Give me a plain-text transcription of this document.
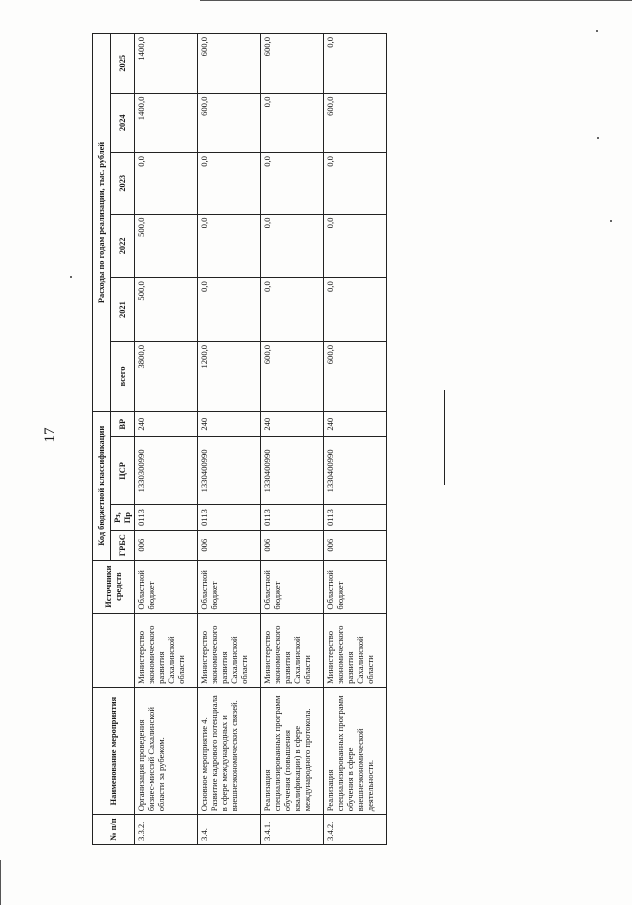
17
№ п/п	Наименование мероприятия		Источники средств	Код бюджетной классификации				Расходы по годам реализации, тыс. рублей					
				ГРБС	Рз, Пр	ЦСР	ВР	всего	2021	2022	2023	2024	2025
3.3.2.	Организация проведения бизнес-миссий Сахалинской области за рубежом.	Министерство экономического развития Сахалинской области	Областной бюджет	006	0113	1330300990	240	3800,0	500,0	500,0	0,0	1400,0	1400,0
3.4.	Основное мероприятие 4. Развитие кадрового потенциала в сфере международных и внешнеэкономических связей.	Министерство экономического развития Сахалинской области	Областной бюджет	006	0113	1330400990	240	1200,0	0,0	0,0	0,0	600,0	600,0
3.4.1.	Реализация специализированных программ обучения (повышения квалификации) в сфере международного протокола.	Министерство экономического развития Сахалинской области	Областной бюджет	006	0113	1330400990	240	600,0	0,0	0,0	0,0	0,0	600,0
3.4.2.	Реализация специализированных программ обучения в сфере внешнеэкономической деятельности.	Министерство экономического развития Сахалинской области	Областной бюджет	006	0113	1330400990	240	600,0	0,0	0,0	0,0	600,0	0,0
